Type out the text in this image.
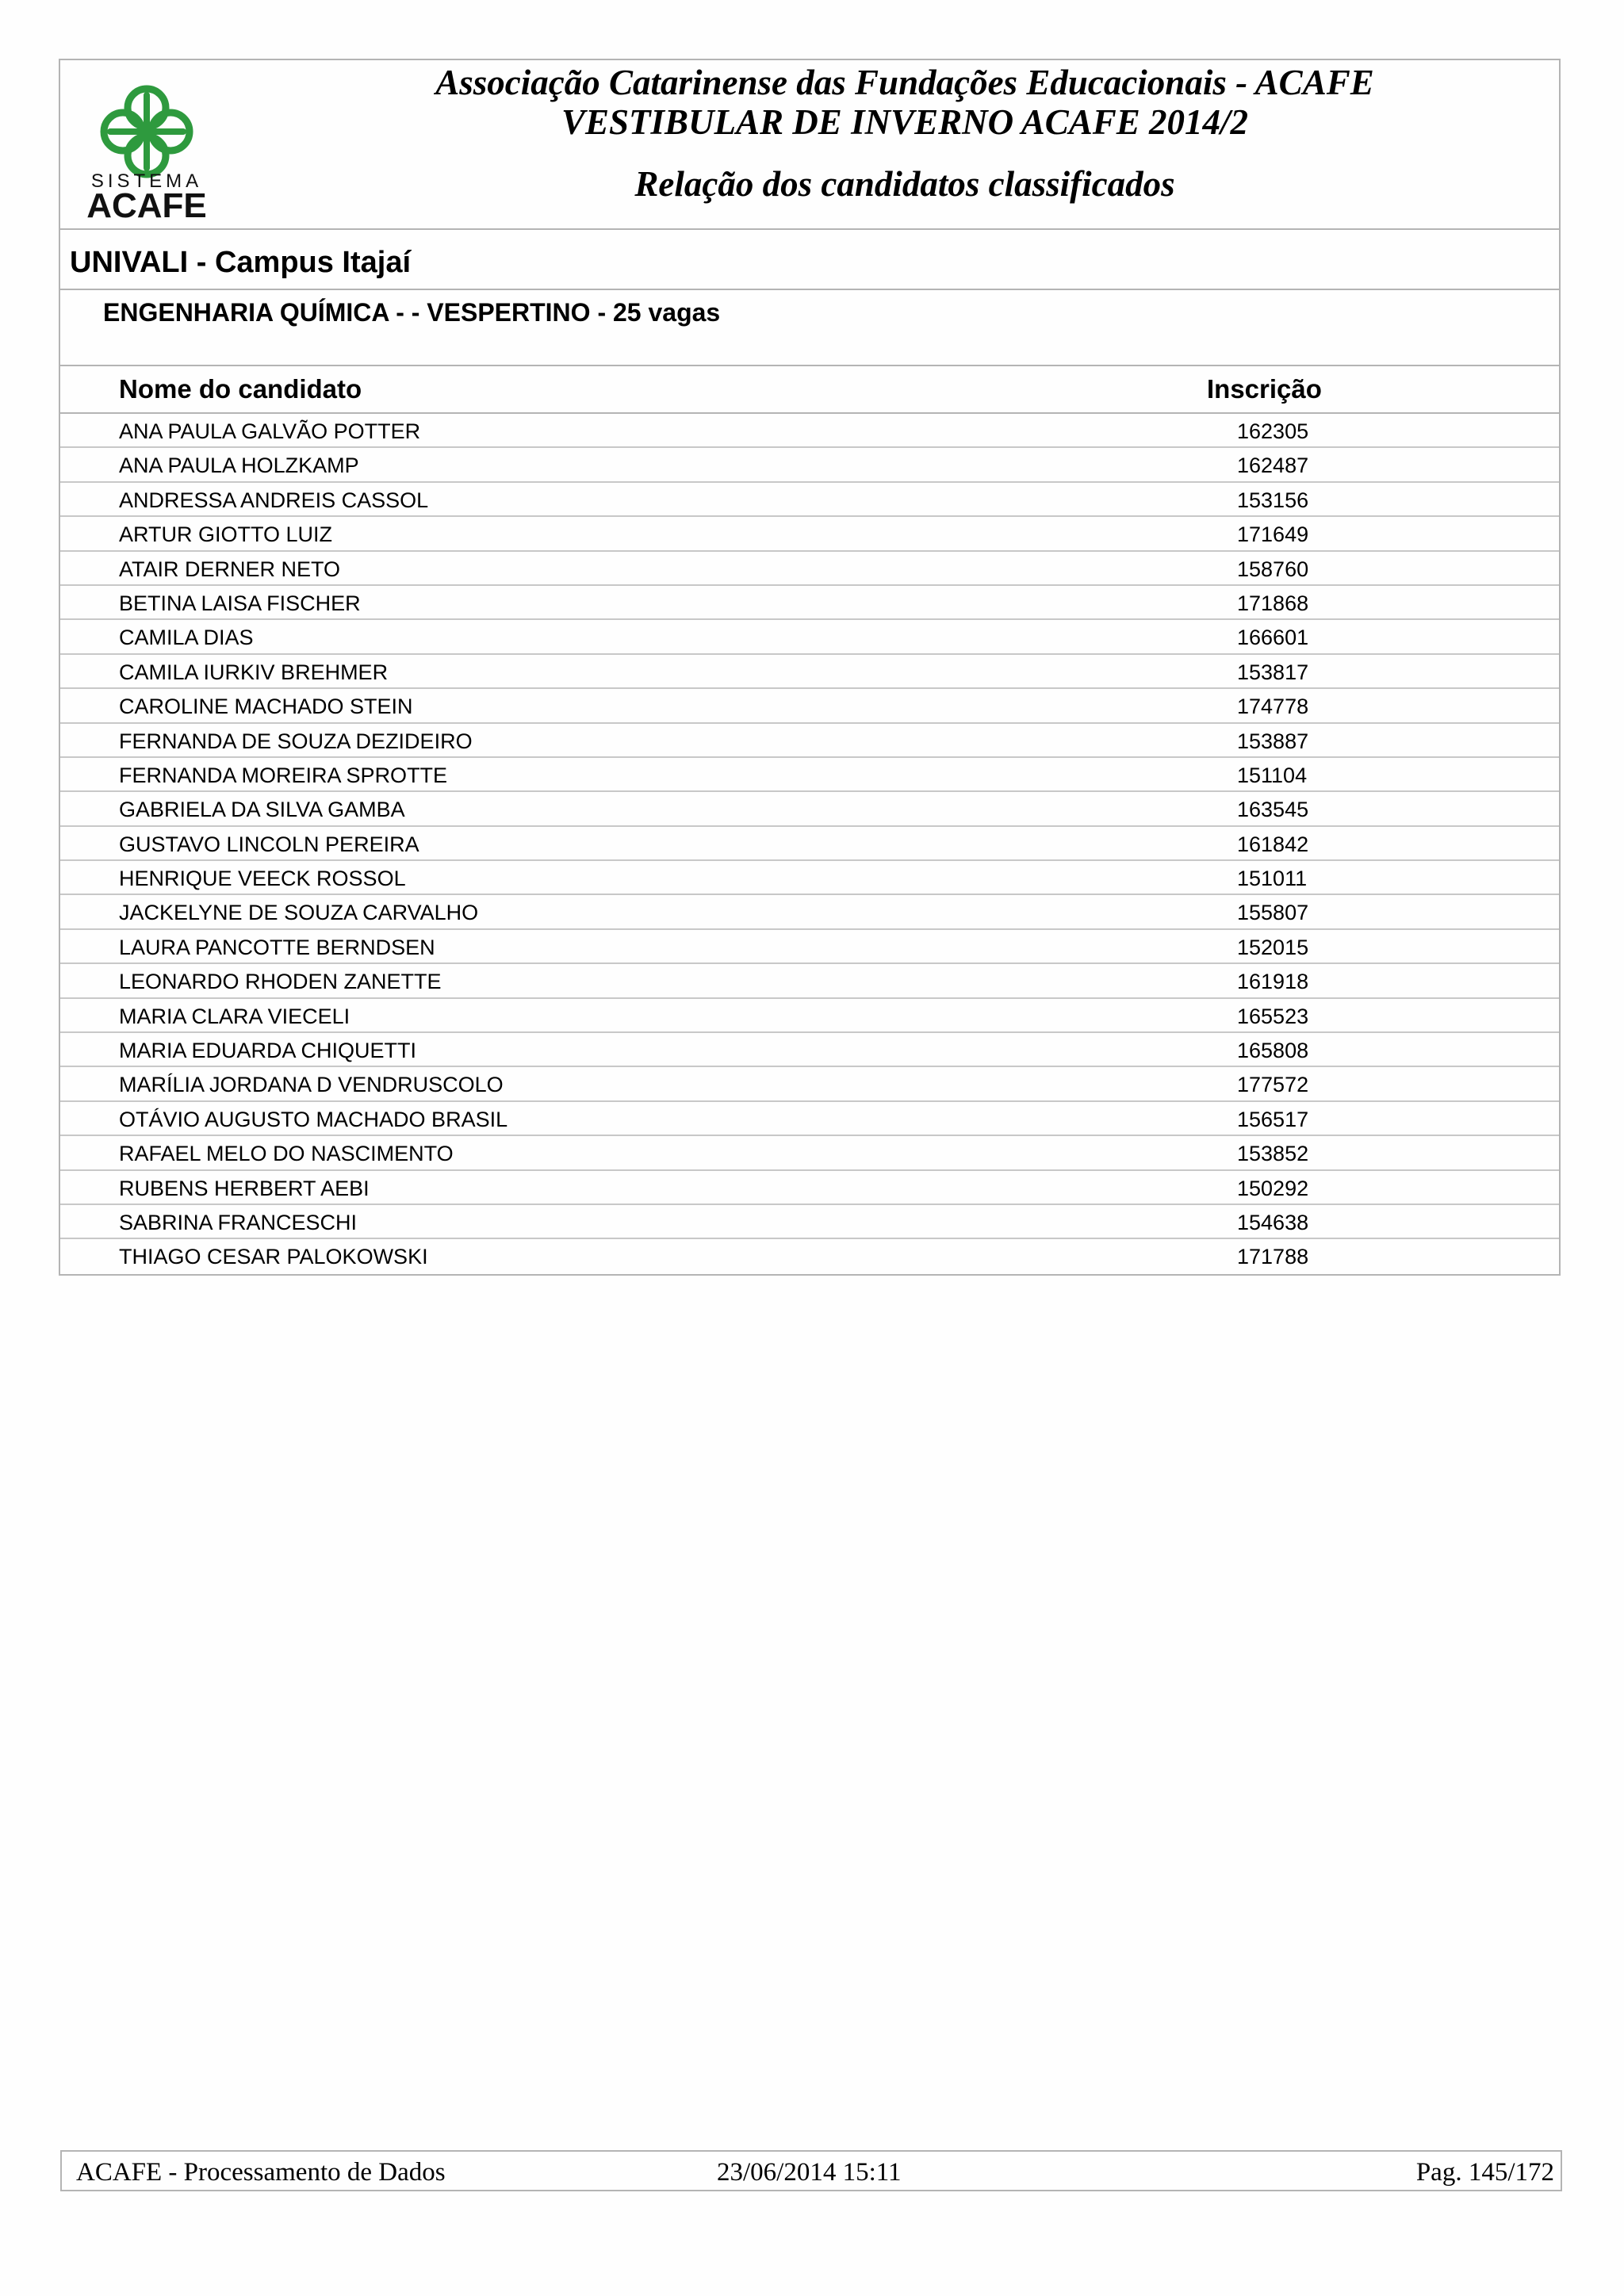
SISTEMA
ACAFE
Associação Catarinense das Fundações Educacionais - ACAFE
VESTIBULAR DE INVERNO ACAFE 2014/2
Relação dos candidatos classificados
UNIVALI - Campus Itajaí
ENGENHARIA QUÍMICA - - VESPERTINO - 25 vagas
Nome do candidato	Inscrição
ANA PAULA GALVÃO POTTER	162305
ANA PAULA HOLZKAMP	162487
ANDRESSA ANDREIS CASSOL	153156
ARTUR GIOTTO LUIZ	171649
ATAIR DERNER NETO	158760
BETINA LAISA FISCHER	171868
CAMILA DIAS	166601
CAMILA IURKIV BREHMER	153817
CAROLINE MACHADO STEIN	174778
FERNANDA DE SOUZA DEZIDEIRO	153887
FERNANDA MOREIRA SPROTTE	151104
GABRIELA DA SILVA GAMBA	163545
GUSTAVO LINCOLN PEREIRA	161842
HENRIQUE VEECK ROSSOL	151011
JACKELYNE DE SOUZA CARVALHO	155807
LAURA PANCOTTE BERNDSEN	152015
LEONARDO RHODEN ZANETTE	161918
MARIA CLARA VIECELI	165523
MARIA EDUARDA CHIQUETTI	165808
MARÍLIA JORDANA D VENDRUSCOLO	177572
OTÁVIO AUGUSTO MACHADO BRASIL	156517
RAFAEL MELO DO NASCIMENTO	153852
RUBENS HERBERT AEBI	150292
SABRINA FRANCESCHI	154638
THIAGO CESAR PALOKOWSKI	171788
ACAFE - Processamento de Dados	23/06/2014 15:11	Pag. 145/172
